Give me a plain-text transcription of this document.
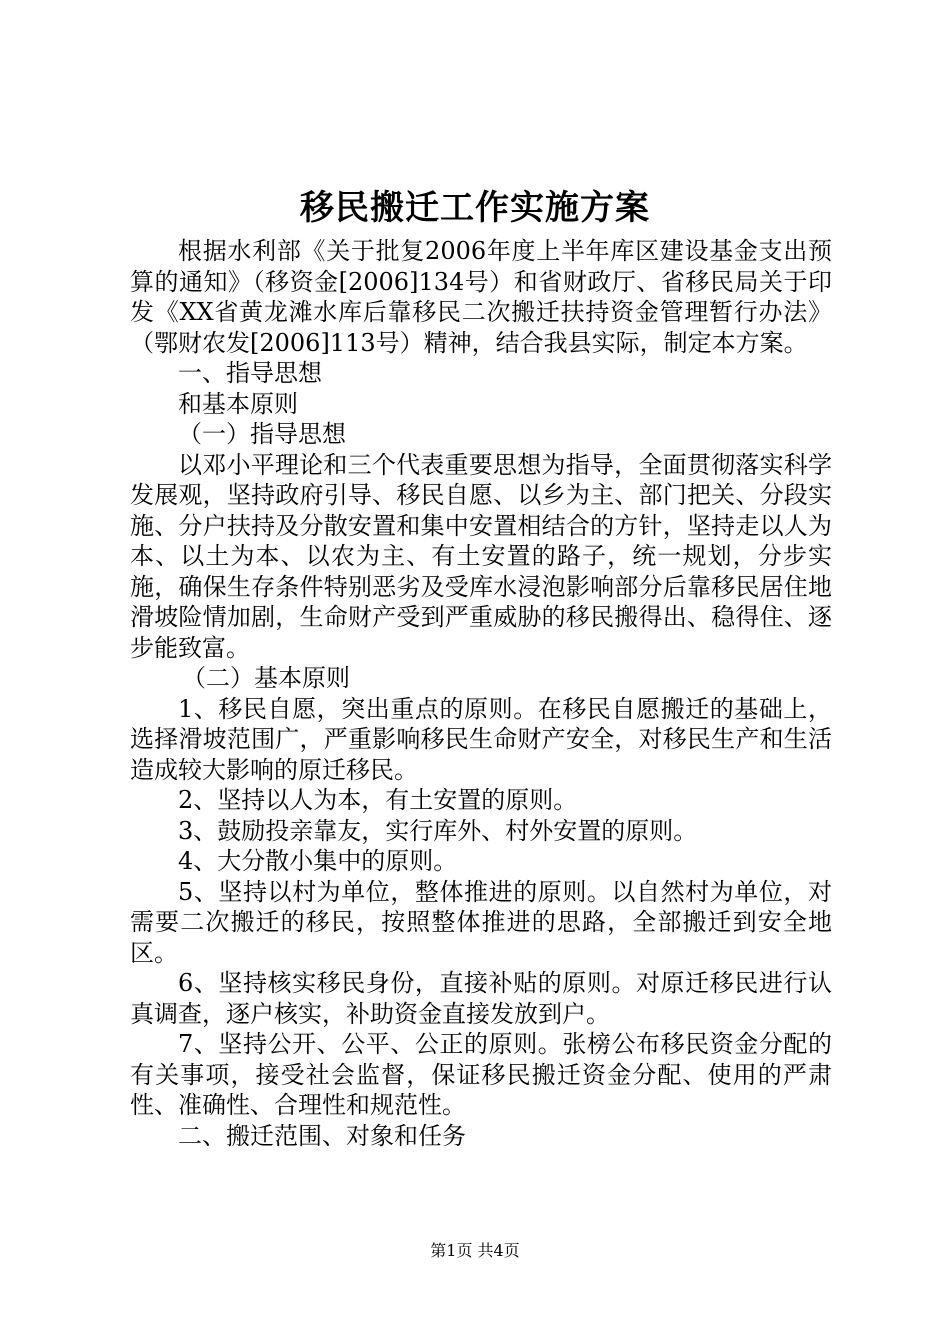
移民搬迁工作实施方案

根据水利部《关于批复2006年度上半年库区建设基金支出预算的通知》（移资金[2006]134号）和省财政厅、省移民局关于印发《XX省黄龙滩水库后靠移民二次搬迁扶持资金管理暂行办法》（鄂财农发[2006]113号）精神，结合我县实际，制定本方案。

一、指导思想

和基本原则

（一）指导思想

以邓小平理论和三个代表重要思想为指导，全面贯彻落实科学发展观，坚持政府引导、移民自愿、以乡为主、部门把关、分段实施、分户扶持及分散安置和集中安置相结合的方针，坚持走以人为本、以土为本、以农为主、有土安置的路子，统一规划，分步实施，确保生存条件特别恶劣及受库水浸泡影响部分后靠移民居住地滑坡险情加剧，生命财产受到严重威胁的移民搬得出、稳得住、逐步能致富。

（二）基本原则

1、移民自愿，突出重点的原则。在移民自愿搬迁的基础上，选择滑坡范围广，严重影响移民生命财产安全，对移民生产和生活造成较大影响的原迁移民。

2、坚持以人为本，有土安置的原则。

3、鼓励投亲靠友，实行库外、村外安置的原则。

4、大分散小集中的原则。

5、坚持以村为单位，整体推进的原则。以自然村为单位，对需要二次搬迁的移民，按照整体推进的思路，全部搬迁到安全地区。

6、坚持核实移民身份，直接补贴的原则。对原迁移民进行认真调查，逐户核实，补助资金直接发放到户。

7、坚持公开、公平、公正的原则。张榜公布移民资金分配的有关事项，接受社会监督，保证移民搬迁资金分配、使用的严肃性、准确性、合理性和规范性。

二、搬迁范围、对象和任务

第1页 共4页
